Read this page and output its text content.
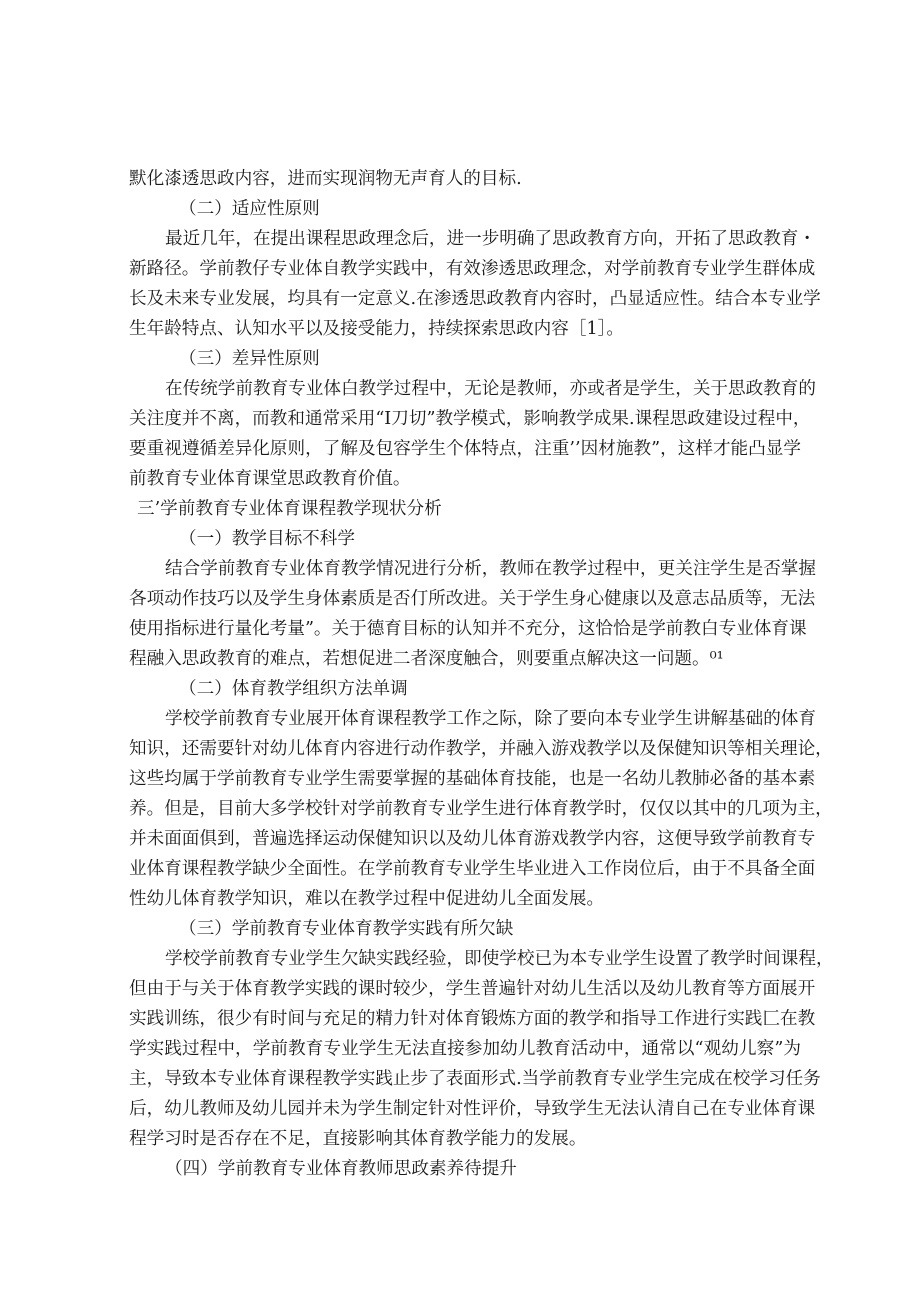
默化漆透思政内容，进而实现润物无声育人的目标.
（二）适应性原则
最近几年，在提出课程思政理念后，进一步明确了思政教育方向，开拓了思政教育・
新路径。学前教仔专业体自教学实践中，有效渗透思政理念，对学前教育专业学生群体成
长及未来专业发展，均具有一定意义.在渗透思政教育内容时，凸显适应性。结合本专业学
生年龄特点、认知水平以及接受能力，持续探索思政内容［1］。
（三）差异性原则
在传统学前教育专业体白教学过程中，无论是教师，亦或者是学生，关于思政教育的
关注度并不离，而教和通常采用“I刀切”教学模式，影响教学成果.课程思政建设过程中，
要重视遵循差异化原则，了解及包容学生个体特点，注重’’因材施教”，这样才能凸显学
前教育专业体育课堂思政教育价值。
三’学前教育专业体育课程教学现状分析
（一）教学目标不科学
结合学前教育专业体育教学情况进行分析，教师在教学过程中，更关注学生是否掌握
各项动作技巧以及学生身体素质是否仃所改进。关于学生身心健康以及意志品质等，无法
使用指标进行量化考量”。关于德育目标的认知并不充分，这恰恰是学前教白专业体育课
程融入思政教育的难点，若想促进二者深度触合，则要重点解决这一问题。⁰¹
（二）体育教学组织方法单调
学校学前教育专业展开体育课程教学工作之际，除了要向本专业学生讲解基础的体育
知识，还需要针对幼儿体育内容进行动作教学，并融入游戏教学以及保健知识等相关理论，
这些均属于学前教育专业学生需要掌握的基础体育技能，也是一名幼儿教肺必备的基本素
养。但是，目前大多学校针对学前教育专业学生进行体育教学时，仅仅以其中的几项为主，
并未面面俱到，普遍选择运动保健知识以及幼儿体育游戏教学内容，这便导致学前教育专
业体育课程教学缺少全面性。在学前教育专业学生毕业进入工作岗位后，由于不具备全面
性幼儿体育教学知识，难以在教学过程中促进幼儿全面发展。
（三）学前教育专业体育教学实践有所欠缺
学校学前教育专业学生欠缺实践经验，即使学校已为本专业学生设置了教学时间课程，
但由于与关于体育教学实践的课时较少，学生普遍针对幼儿生活以及幼儿教育等方面展开
实践训练，很少有时间与充足的精力针对体育锻炼方面的教学和指导工作进行实践匚在教
学实践过程中，学前教育专业学生无法直接参加幼儿教育活动中，通常以“观幼儿察”为
主，导致本专业体育课程教学实践止步了表面形式.当学前教育专业学生完成在校学习任务
后，幼儿教师及幼儿园并未为学生制定针对性评价，导致学生无法认清自己在专业体育课
程学习时是否存在不足，直接影响其体育教学能力的发展。
（四）学前教育专业体育教师思政素养待提升
